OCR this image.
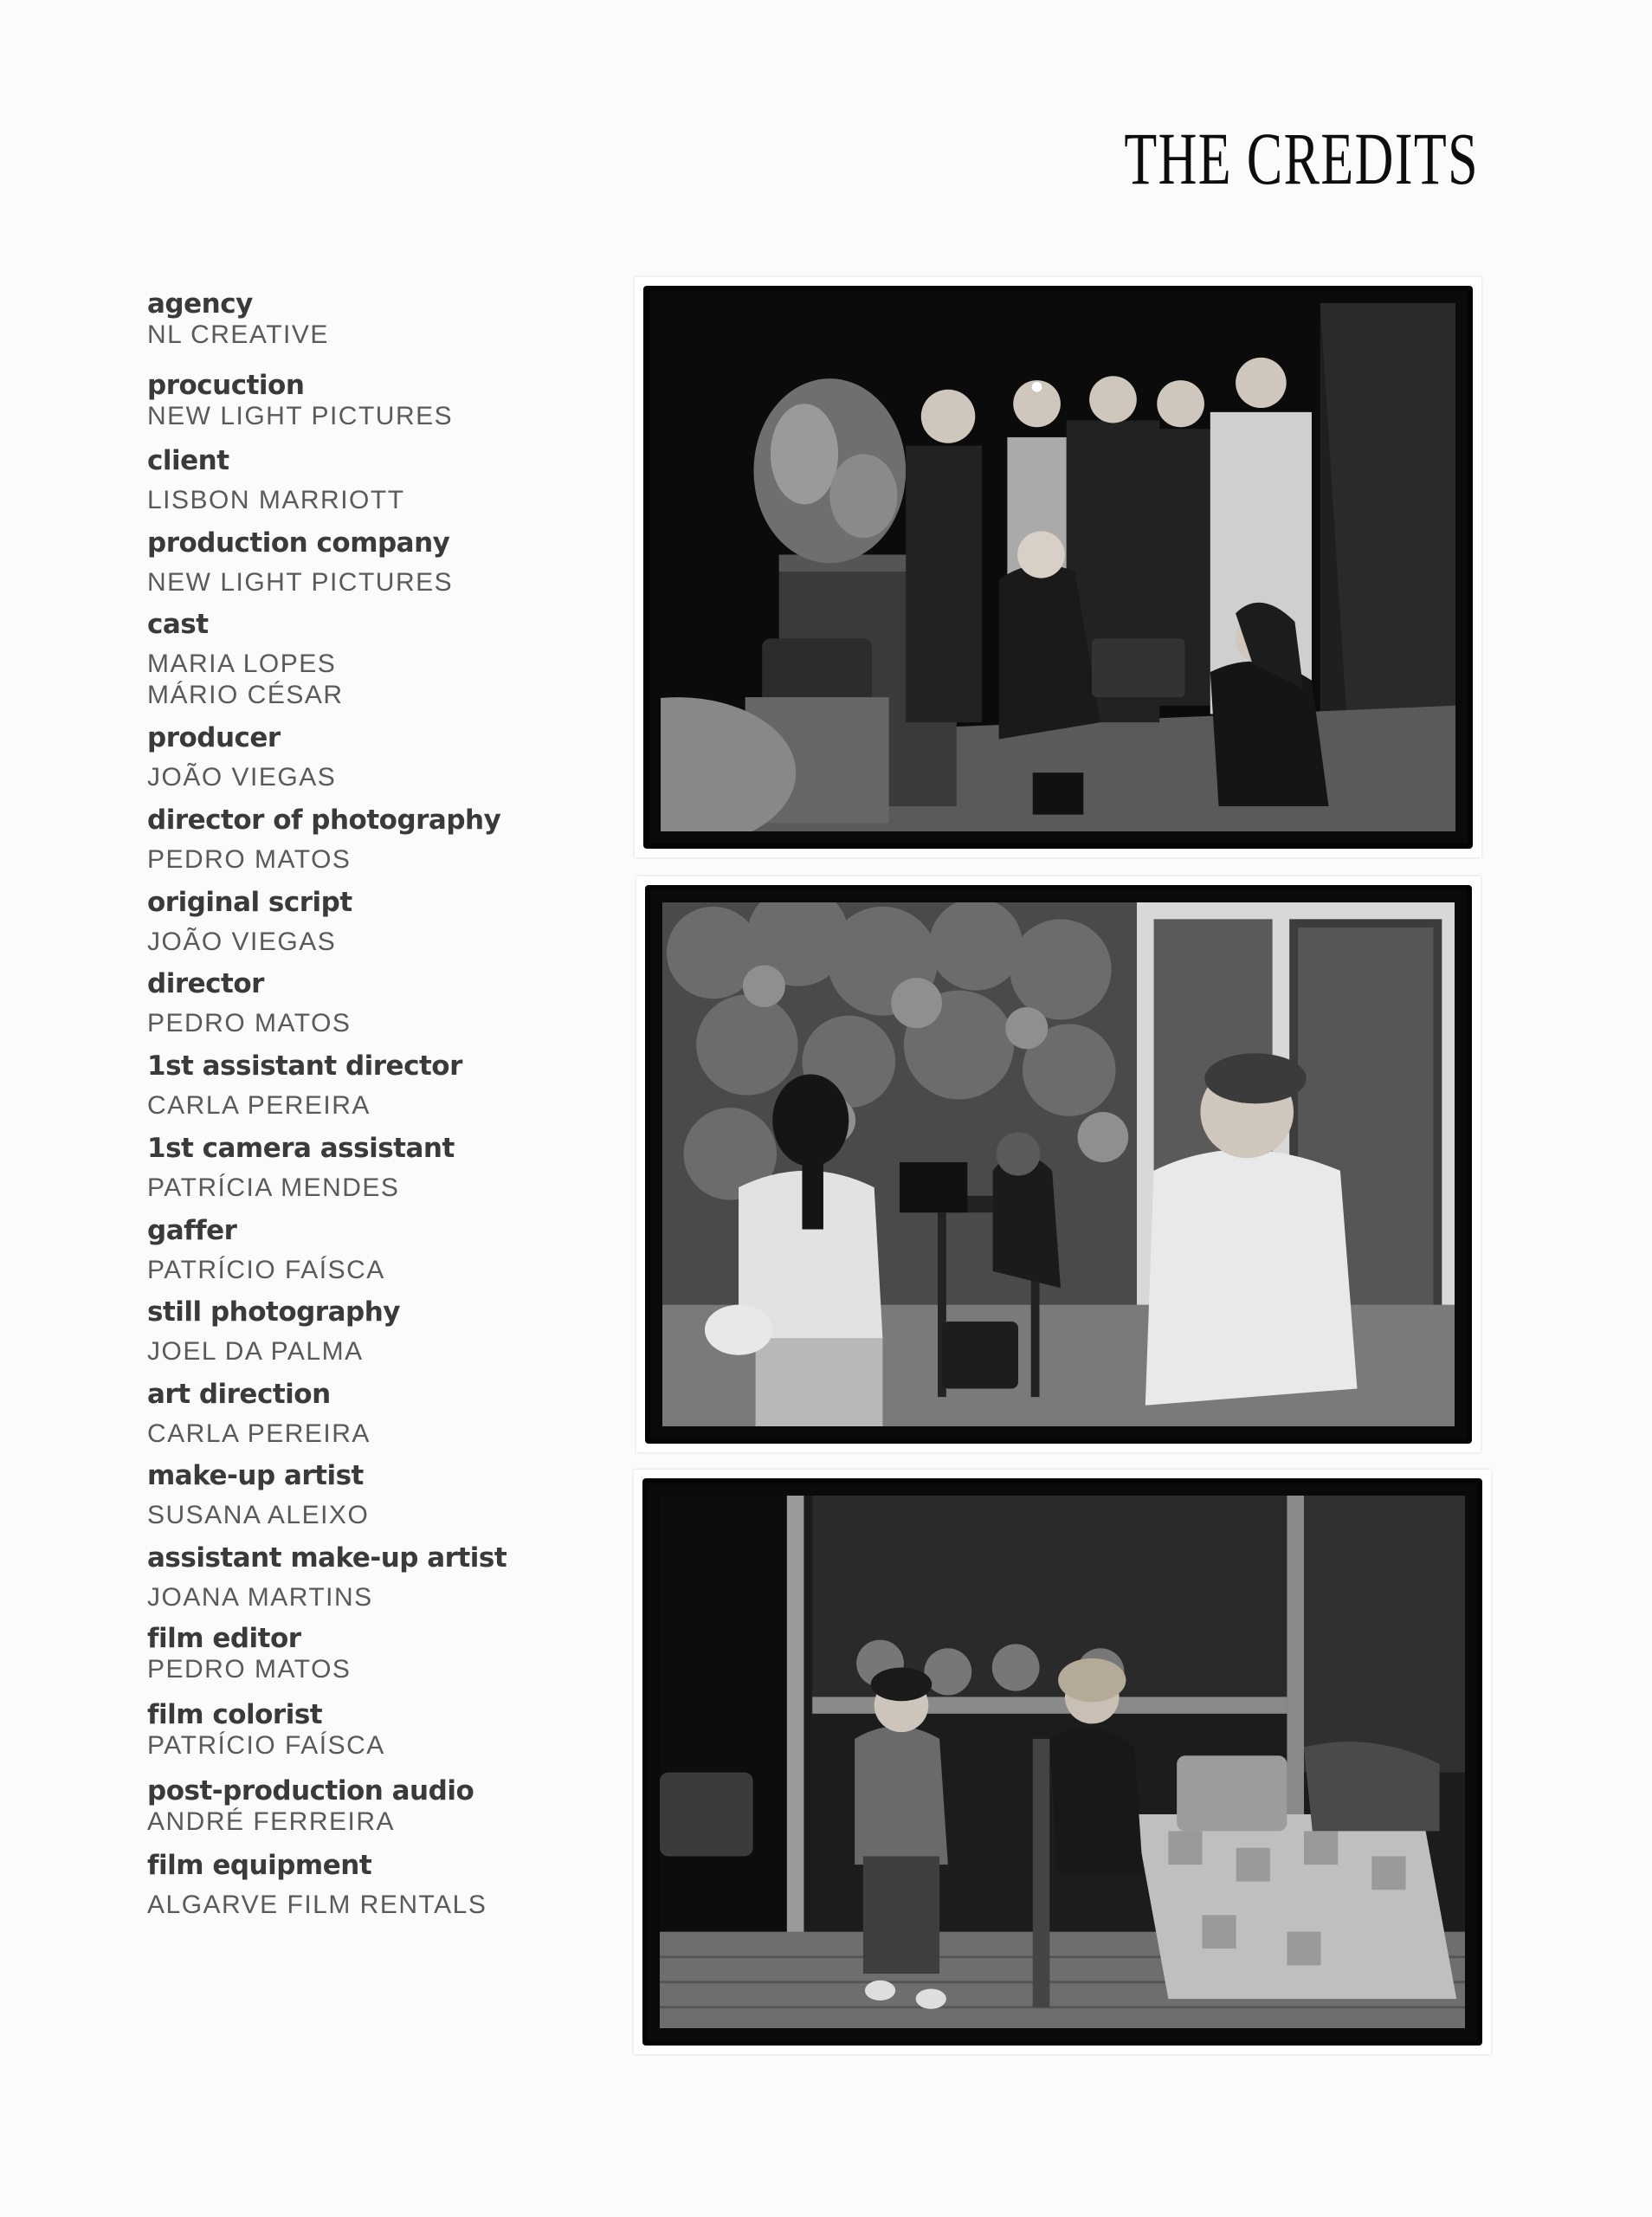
THE CREDITS
agency
NL CREATIVE
procuction
NEW LIGHT PICTURES
client
LISBON MARRIOTT
production company
NEW LIGHT PICTURES
cast
MARIA LOPES
MÁRIO CÉSAR
producer
JOÃO VIEGAS
director of photography
PEDRO MATOS
original script
JOÃO VIEGAS
director
PEDRO MATOS
1st assistant director
CARLA PEREIRA
1st camera assistant
PATRÍCIA MENDES
gaffer
PATRÍCIO FAÍSCA
still photography
JOEL DA PALMA
art direction
CARLA PEREIRA
make-up artist
SUSANA ALEIXO
assistant make-up artist
JOANA MARTINS
film editor
PEDRO MATOS
film colorist
PATRÍCIO FAÍSCA
post-production audio
ANDRÉ FERREIRA
film equipment
ALGARVE FILM RENTALS
